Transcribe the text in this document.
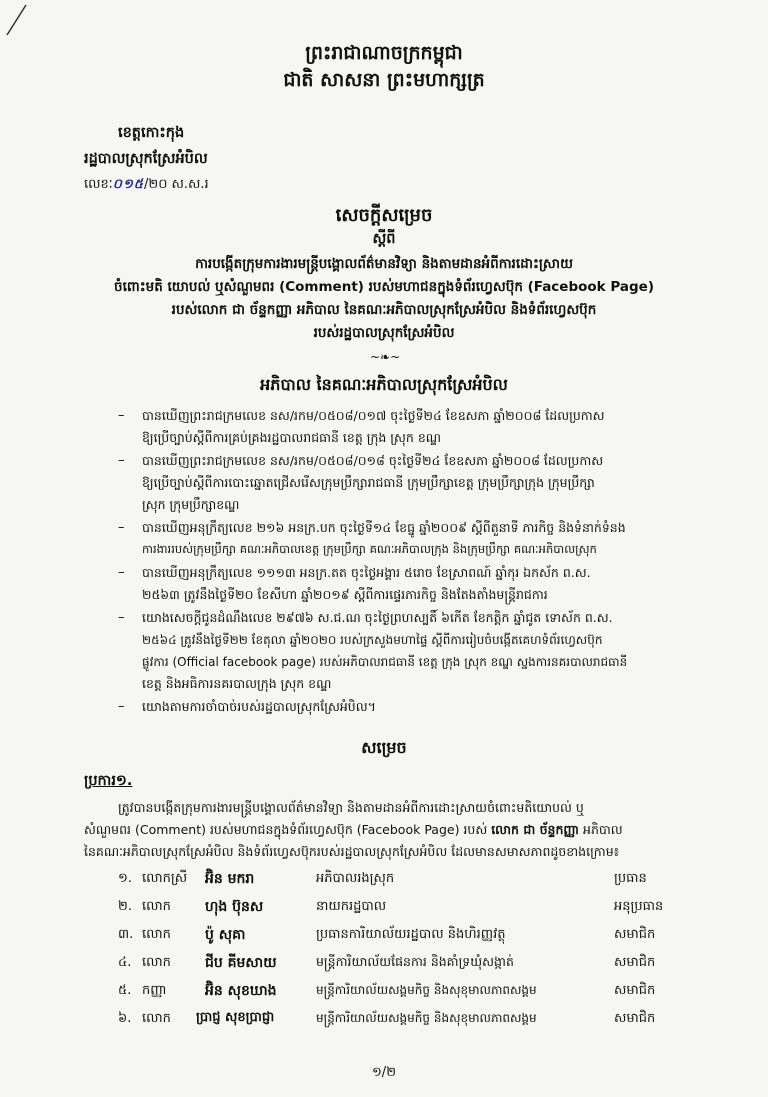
ព្រះរាជាណាចក្រកម្ពុជា
ជាតិ សាសនា ព្រះមហាក្សត្រ
ខេត្តកោះកុង
រដ្ឋបាលស្រុកស្រែអំបិល
លេខៈ០១៥/២០ ស.ស.រ
សេចក្តីសម្រេច
ស្តីពី
ការបង្កើតក្រុមការងារមន្ត្រីបង្គោលព័ត៌មានវិទ្យា និងតាមដានអំពីការដោះស្រាយ
ចំពោះមតិ យោបល់ ឬសំណួមពរ (Comment) របស់មហាជនក្នុងទំព័រហ្វេសប៊ុក (Facebook Page)
របស់លោក ជា ច័ន្ទកញ្ញា អភិបាល នៃគណៈអភិបាលស្រុកស្រែអំបិល និងទំព័រហ្វេសប៊ុក
របស់រដ្ឋបាលស្រុកស្រែអំបិល
~❧~
អភិបាល នៃគណៈអភិបាលស្រុកស្រែអំបិល
– បានឃើញព្រះរាជក្រមលេខ នស/រកម/០៥០៨/០១៧ ចុះថ្ងៃទី២៤ ខែឧសភា ឆ្នាំ២០០៨ ដែលប្រកាស
ឱ្យប្រើច្បាប់ស្តីពីការគ្រប់គ្រងរដ្ឋបាលរាជធានី ខេត្ត ក្រុង ស្រុក ខណ្ឌ
– បានឃើញព្រះរាជក្រមលេខ នស/រកម/០៥០៨/០១៨ ចុះថ្ងៃទី២៤ ខែឧសភា ឆ្នាំ២០០៨ ដែលប្រកាស
ឱ្យប្រើច្បាប់ស្តីពីការបោះឆ្នោតជ្រើសរើសក្រុមប្រឹក្សារាជធានី ក្រុមប្រឹក្សាខេត្ត ក្រុមប្រឹក្សាក្រុង ក្រុមប្រឹក្សា
ស្រុក ក្រុមប្រឹក្សាខណ្ឌ
– បានឃើញអនុក្រឹត្យលេខ ២១៦ អនក្រ.បក ចុះថ្ងៃទី១៤ ខែធ្នូ ឆ្នាំ២០០៩ ស្តីពីតួនាទី ភារកិច្ច និងទំនាក់ទំនង
ការងាររបស់ក្រុមប្រឹក្សា គណៈអភិបាលខេត្ត ក្រុមប្រឹក្សា គណៈអភិបាលក្រុង និងក្រុមប្រឹក្សា គណៈអភិបាលស្រុក
– បានឃើញអនុក្រឹត្យលេខ ១១១៣ អនក្រ.តត ចុះថ្ងៃអង្គារ ៥រោច ខែស្រាពណ៍ ឆ្នាំកុរ ឯកស័ក ព.ស.
២៥៦៣ ត្រូវនឹងថ្ងៃទី២០ ខែសីហា ឆ្នាំ២០១៩ ស្តីពីការផ្ទេរភារកិច្ច និងតែងតាំងមន្ត្រីរាជការ
– យោងសេចក្តីជូនដំណឹងលេខ ២៩៧៦ ស.ជ.ណ ចុះថ្ងៃព្រហស្បតិ៍ ៦កើត ខែកត្តិក ឆ្នាំជូត ទោស័ក ព.ស.
២៥៦៤ ត្រូវនឹងថ្ងៃទី២២ ខែតុលា ឆ្នាំ២០២០ របស់ក្រសួងមហាផ្ទៃ ស្តីពីការរៀបចំបង្កើតគេហទំព័រហ្វេសប៊ុក
ផ្លូវការ (Official facebook page) របស់អភិបាលរាជធានី ខេត្ត ក្រុង ស្រុក ខណ្ឌ ស្នងការនគរបាលរាជធានី
ខេត្ត និងអធិការនគរបាលក្រុង ស្រុក ខណ្ឌ
– យោងតាមការចាំបាច់របស់រដ្ឋបាលស្រុកស្រែអំបិល។
សម្រេច
ប្រការ១.
ត្រូវបានបង្កើតក្រុមការងារមន្ត្រីបង្គោលព័ត៌មានវិទ្យា និងតាមដានអំពីការដោះស្រាយចំពោះមតិយោបល់ ឬ
សំណួមពរ (Comment) របស់មហាជនក្នុងទំព័រហ្វេសប៊ុក (Facebook Page) របស់ លោក ជា ច័ន្ទកញ្ញា អភិបាល
នៃគណៈអភិបាលស្រុកស្រែអំបិល និងទំព័រហ្វេសប៊ុករបស់រដ្ឋបាលស្រុកស្រែអំបិល ដែលមានសមាសភាពដូចខាងក្រោម៖
១. លោកស្រី អ៊ិន មករា	អភិបាលរងស្រុក	ប្រធាន
២. លោក ហុង ប៊ុនស	នាយករដ្ឋបាល	អនុប្រធាន
៣. លោក ប៉ូ សុគា	ប្រធានការិយាល័យរដ្ឋបាល និងហិរញ្ញវត្ថុ	សមាជិក
៤. លោក ជីប គីមសាយ	មន្ត្រីការិយាល័យផែនការ និងគាំទ្រឃុំសង្កាត់	សមាជិក
៥. កញ្ញា	អ៊ិន សុខឃាង	មន្ត្រីការិយាល័យសង្គមកិច្ច និងសុខុមាលភាពសង្គម	សមាជិក
៦. លោក ប្រាជ្ញ សុខប្រាជ្ញា	មន្ត្រីការិយាល័យសង្គមកិច្ច និងសុខុមាលភាពសង្គម	សមាជិក
១/២
